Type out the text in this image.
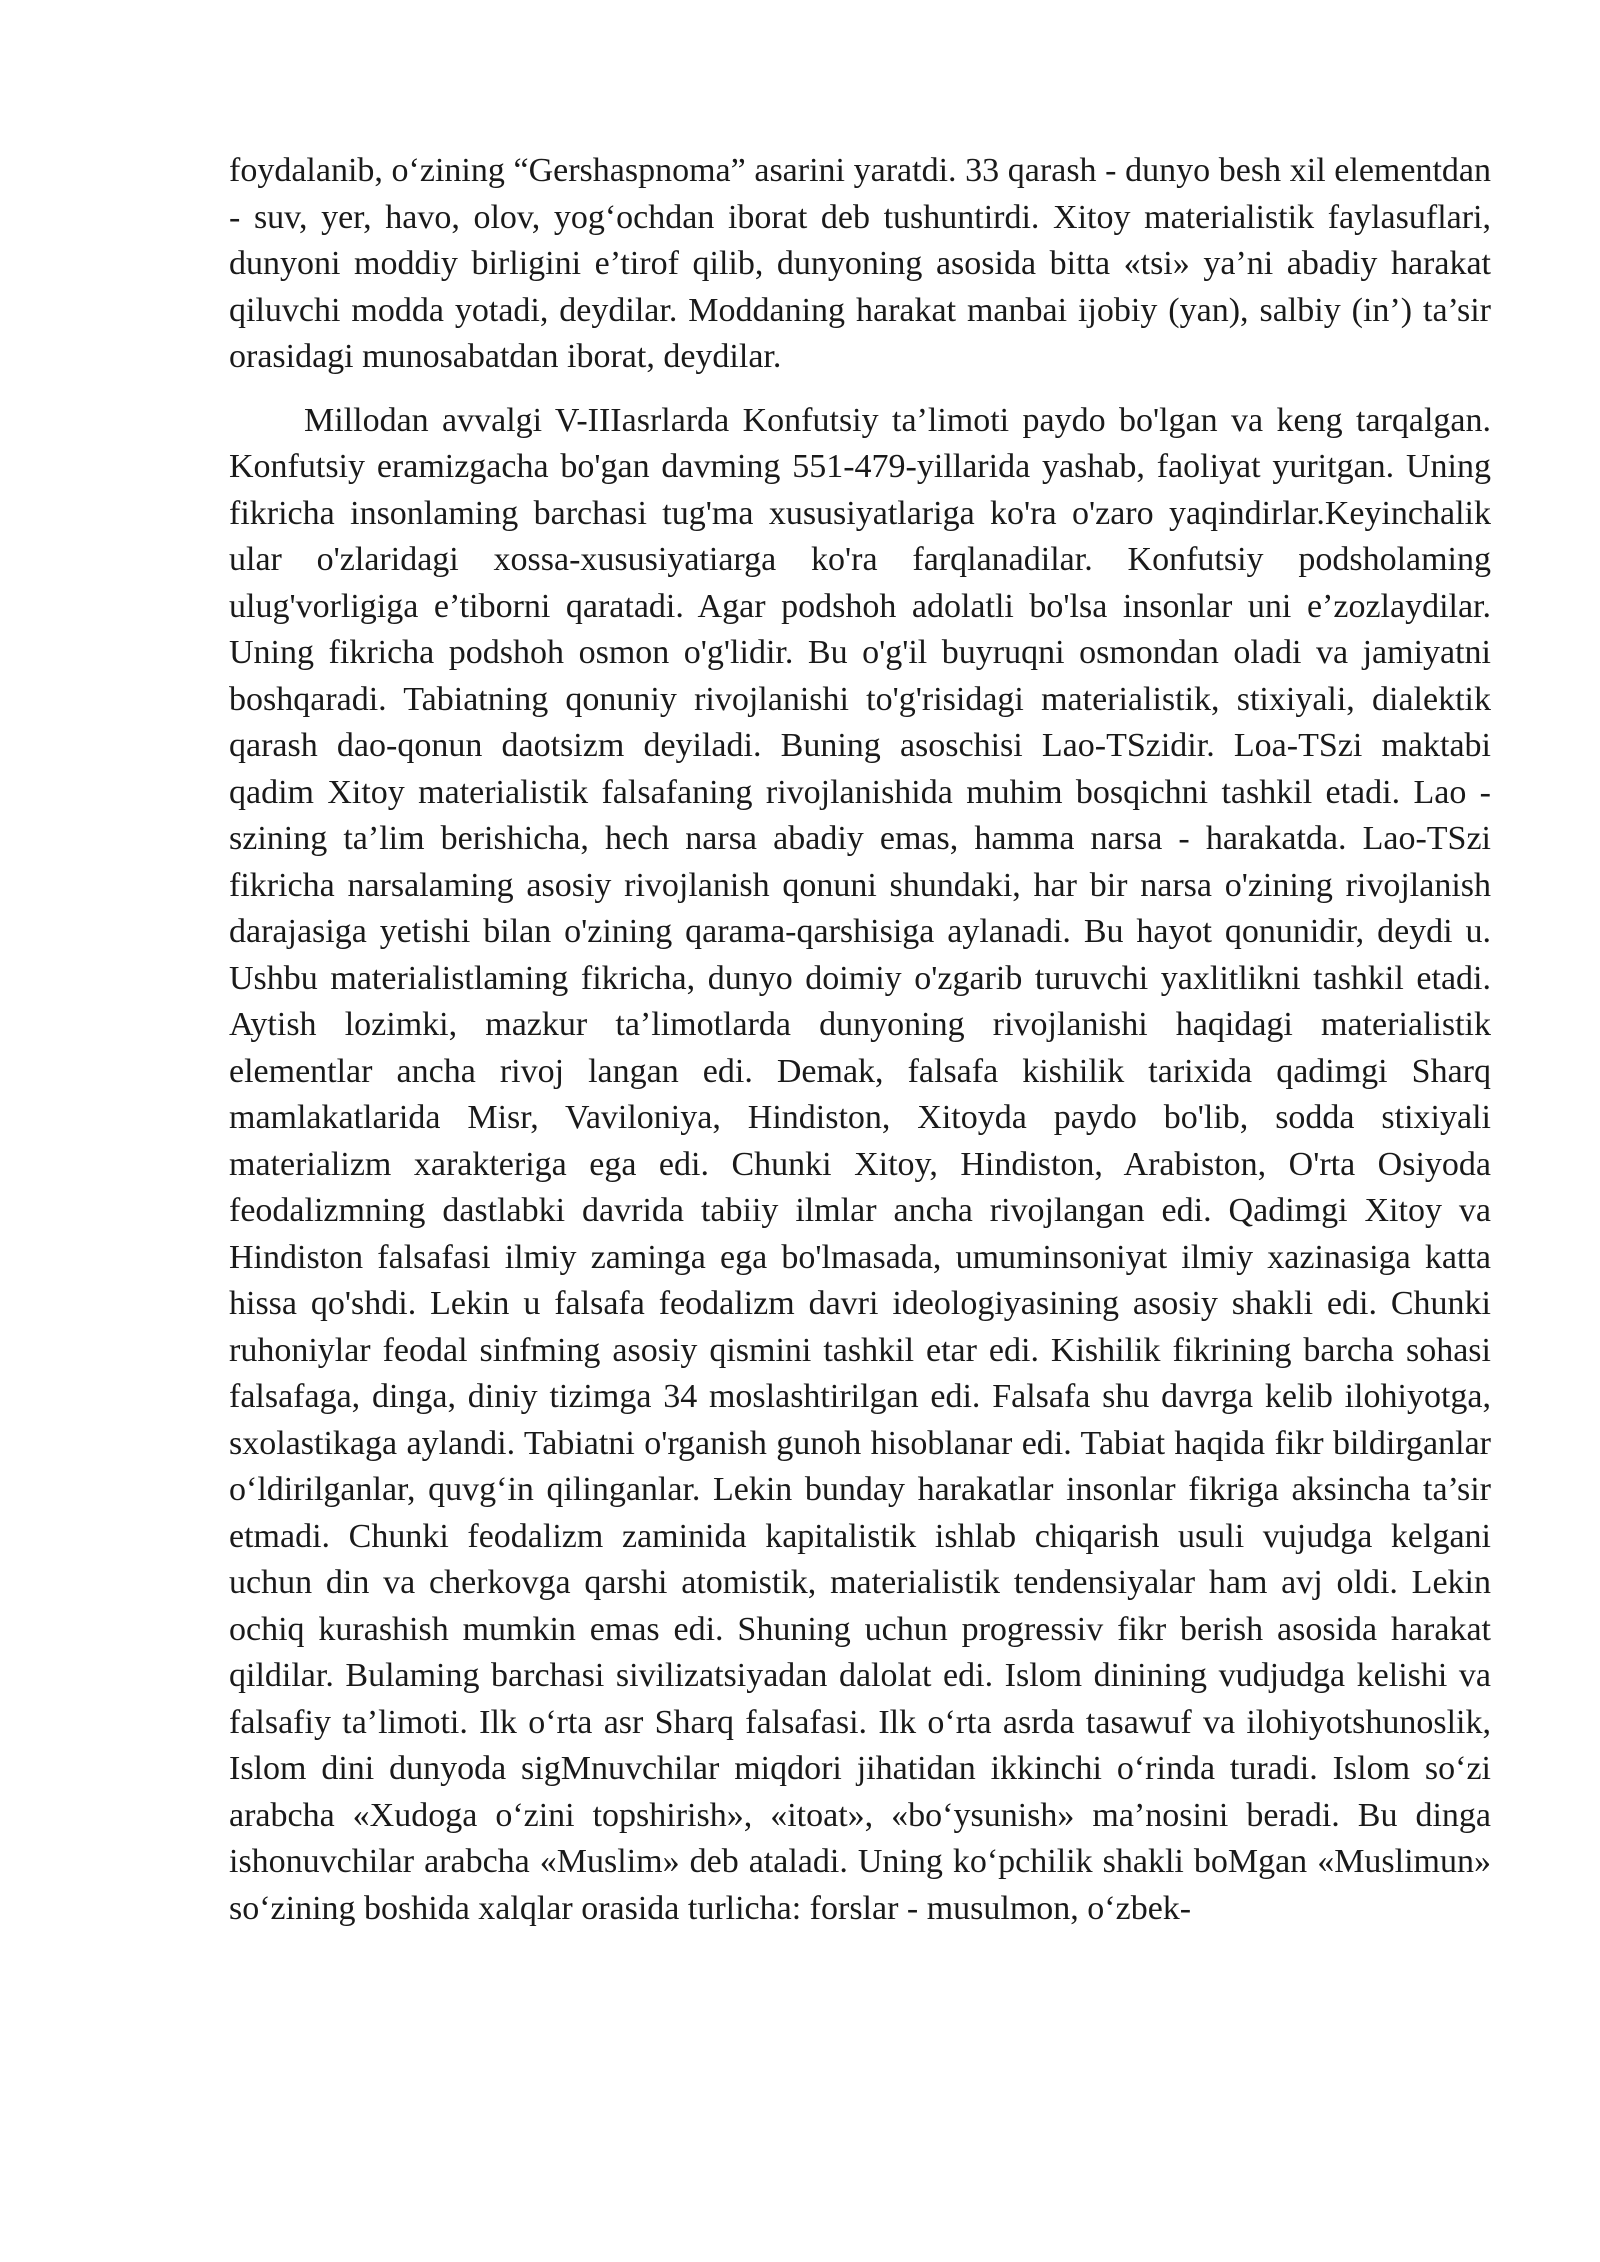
foydalanib, o‘zining “Gershaspnoma” asarini yaratdi. 33 qarash - dunyo besh xil elementdan - suv, yer, havo, olov, yog‘ochdan iborat deb tushuntirdi. Xitoy materialistik faylasuflari, dunyoni moddiy birligini e’tirof qilib, dunyoning asosida bitta «tsi» ya’ni abadiy harakat qiluvchi modda yotadi, deydilar. Moddaning harakat manbai ijobiy (yan), salbiy (in’) ta’sir orasidagi munosabatdan iborat, deydilar.

Millodan avvalgi V-IIIasrlarda Konfutsiy ta’limoti paydo bo'lgan va keng tarqalgan. Konfutsiy eramizgacha bo'gan davming 551-479-yillarida yashab, faoliyat yuritgan. Uning fikricha insonlaming barchasi tug'ma xususiyatlariga ko'ra o'zaro yaqindirlar.Keyinchalik ular o'zlaridagi xossa-xususiyatiarga ko'ra farqlanadilar. Konfutsiy podsholaming ulug'vorligiga e’tiborni qaratadi. Agar podshoh adolatli bo'lsa insonlar uni e’zozlaydilar. Uning fikricha podshoh osmon o'g'lidir. Bu o'g'il buyruqni osmondan oladi va jamiyatni boshqaradi. Tabiatning qonuniy rivojlanishi to'g'risidagi materialistik, stixiyali, dialektik qarash dao-qonun daotsizm deyiladi. Buning asoschisi Lao-TSzidir. Loa-TSzi maktabi qadim Xitoy materialistik falsafaning rivojlanishida muhim bosqichni tashkil etadi. Lao - szining ta’lim berishicha, hech narsa abadiy emas, hamma narsa - harakatda. Lao-TSzi fikricha narsalaming asosiy rivojlanish qonuni shundaki, har bir narsa o'zining rivojlanish darajasiga yetishi bilan o'zining qarama-qarshisiga aylanadi. Bu hayot qonunidir, deydi u. Ushbu materialistlaming fikricha, dunyo doimiy o'zgarib turuvchi yaxlitlikni tashkil etadi. Aytish lozimki, mazkur ta’limotlarda dunyoning rivojlanishi haqidagi materialistik elementlar ancha rivoj langan edi. Demak, falsafa kishilik tarixida qadimgi Sharq mamlakatlarida Misr, Vaviloniya, Hindiston, Xitoyda paydo bo'lib, sodda stixiyali materializm xarakteriga ega edi. Chunki Xitoy, Hindiston, Arabiston, O'rta Osiyoda feodalizmning dastlabki davrida tabiiy ilmlar ancha rivojlangan edi. Qadimgi Xitoy va Hindiston falsafasi ilmiy zaminga ega bo'lmasada, umuminsoniyat ilmiy xazinasiga katta hissa qo'shdi. Lekin u falsafa feodalizm davri ideologiyasining asosiy shakli edi. Chunki ruhoniylar feodal sinfming asosiy qismini tashkil etar edi. Kishilik fikrining barcha sohasi falsafaga, dinga, diniy tizimga 34 moslashtirilgan edi. Falsafa shu davrga kelib ilohiyotga, sxolastikaga aylandi. Tabiatni o'rganish gunoh hisoblanar edi. Tabiat haqida fikr bildirganlar o‘ldirilganlar, quvg‘in qilinganlar. Lekin bunday harakatlar insonlar fikriga aksincha ta’sir etmadi. Chunki feodalizm zaminida kapitalistik ishlab chiqarish usuli vujudga kelgani uchun din va cherkovga qarshi atomistik, materialistik tendensiyalar ham avj oldi. Lekin ochiq kurashish mumkin emas edi. Shuning uchun progressiv fikr berish asosida harakat qildilar. Bulaming barchasi sivilizatsiyadan dalolat edi. Islom dinining vudjudga kelishi va falsafiy ta’limoti. Ilk o‘rta asr Sharq falsafasi. Ilk o‘rta asrda tasawuf va ilohiyotshunoslik, Islom dini dunyoda sigMnuvchilar miqdori jihatidan ikkinchi o‘rinda turadi. Islom so‘zi arabcha «Xudoga o‘zini topshirish», «itoat», «bo‘ysunish» ma’nosini beradi. Bu dinga ishonuvchilar arabcha «Muslim» deb ataladi. Uning ko‘pchilik shakli boMgan «Muslimun» so‘zining boshida xalqlar orasida turlicha: forslar - musulmon, o‘zbek-
